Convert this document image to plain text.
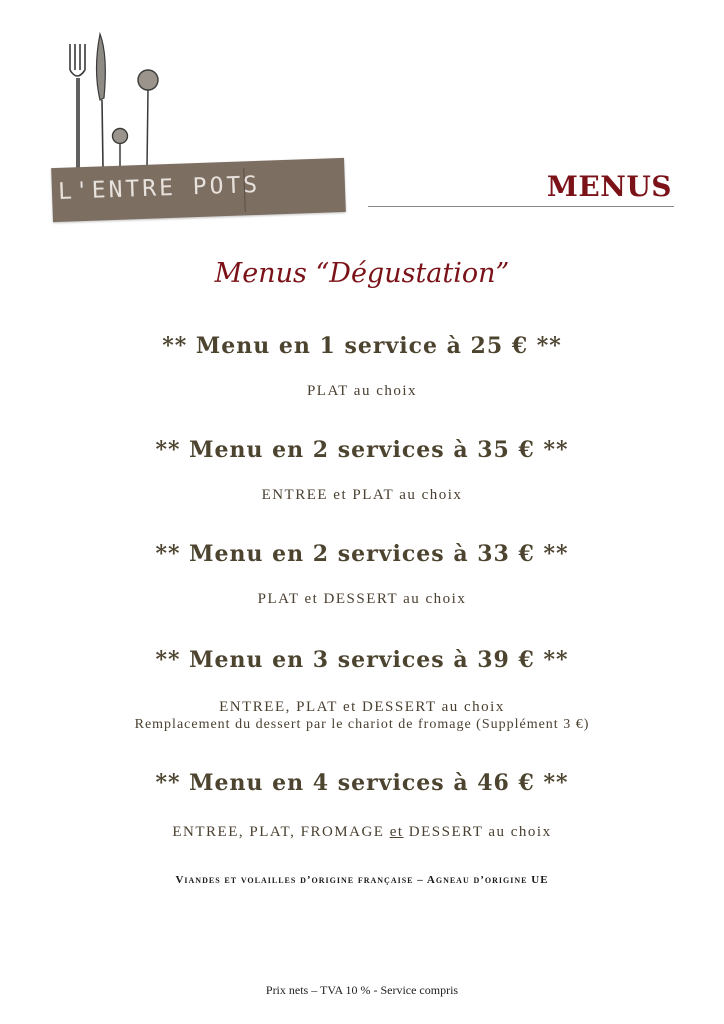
L'ENTRE POTS	MENUS
Menus “Dégustation”
** Menu en 1 service à 25 € **
PLAT au choix
** Menu en 2 services à 35 € **
ENTREE et PLAT au choix
** Menu en 2 services à 33 € **
PLAT et DESSERT au choix
** Menu en 3 services à 39 € **
ENTREE, PLAT et DESSERT au choix
Remplacement du dessert par le chariot de fromage (Supplément 3 €)
** Menu en 4 services à 46 € **
ENTREE, PLAT, FROMAGE et DESSERT au choix
Viandes et volailles d’origine française – Agneau d’origine UE
Prix nets – TVA 10 % - Service compris
